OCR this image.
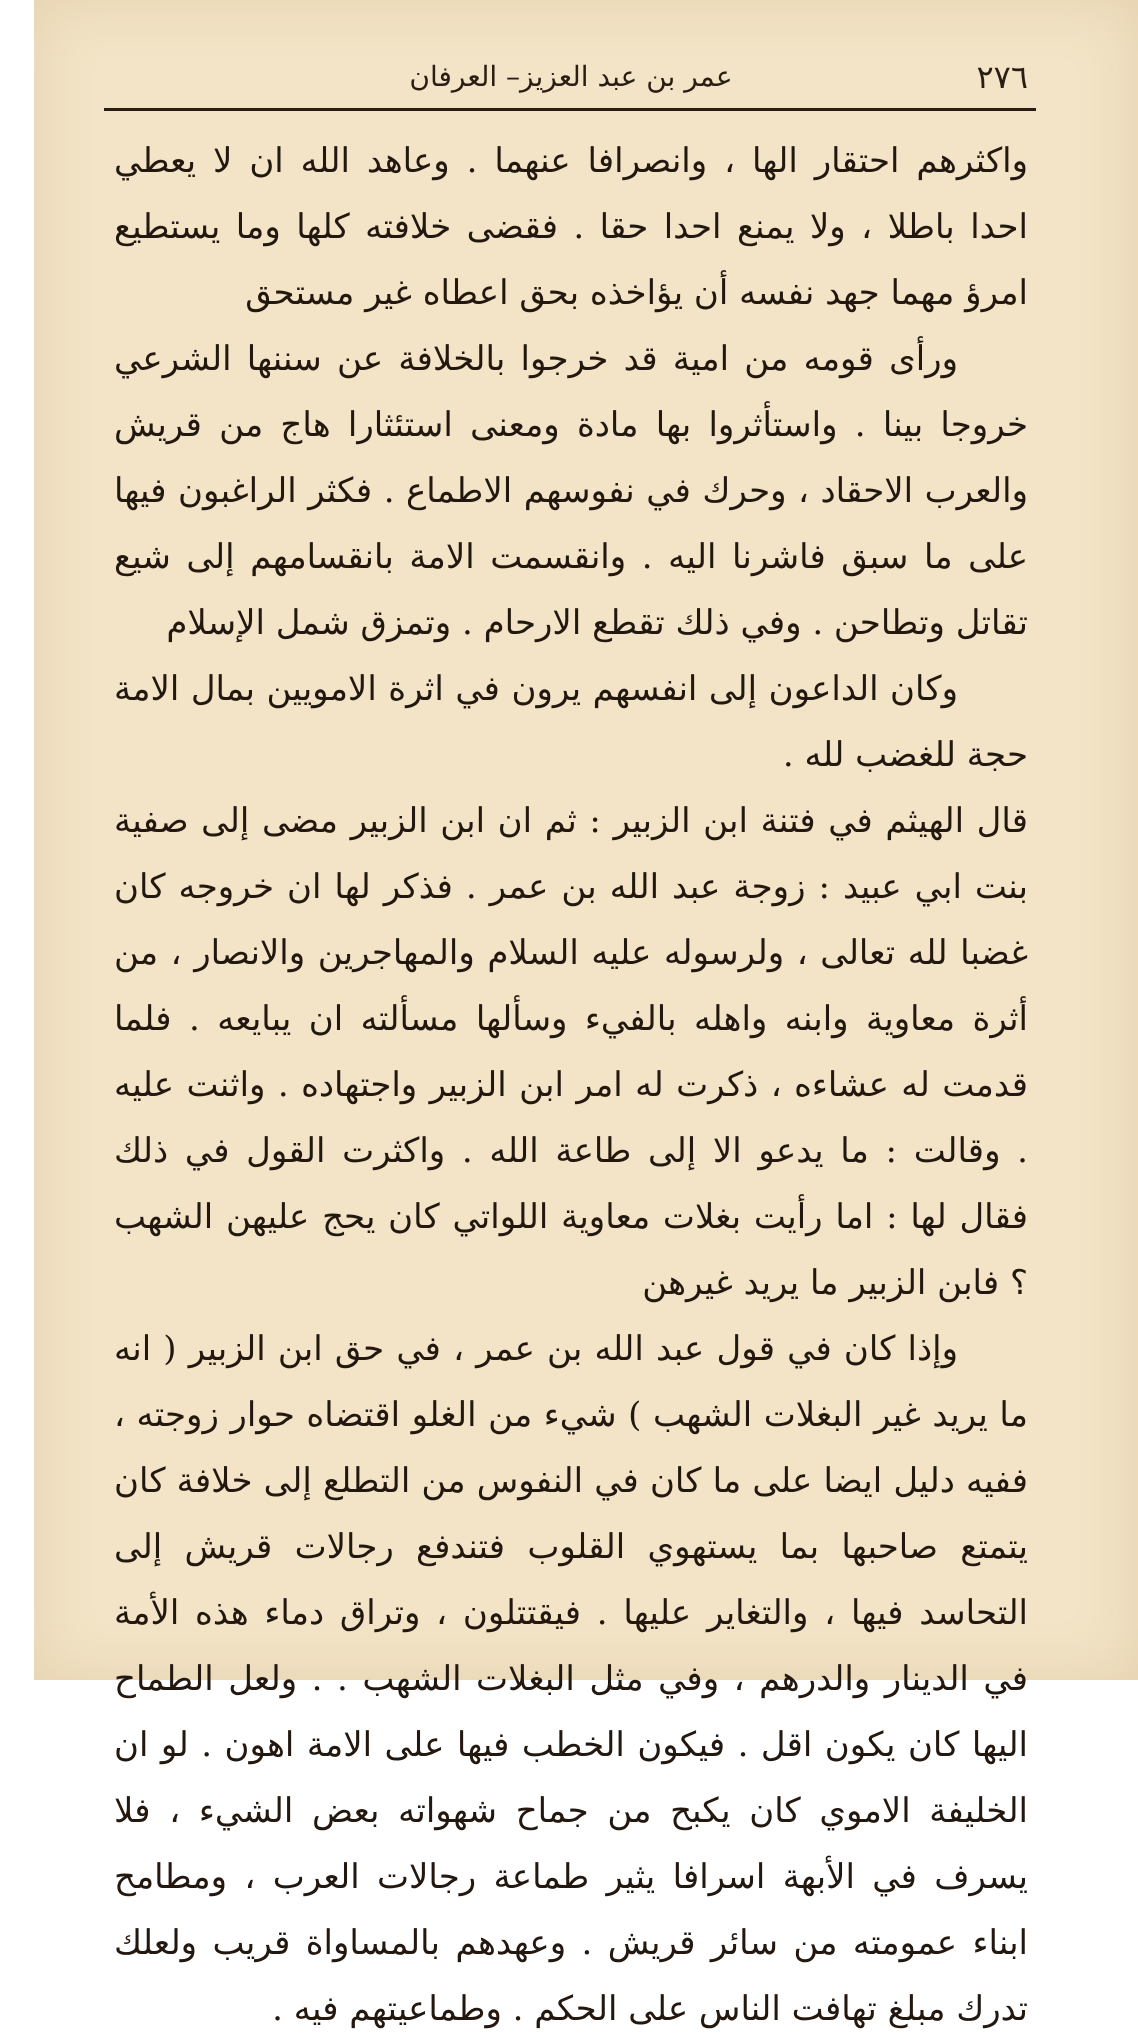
٢٧٦
عمر بن عبد العزيز– العرفان

واكثرهم احتقار الها ، وانصرافا عنهما . وعاهد الله ان لا يعطي احدا باطلا ، ولا يمنع احدا حقا . فقضى خلافته كلها وما يستطيع امرؤ مهما جهد نفسه أن يؤاخذه بحق اعطاه غير مستحق

ورأى قومه من امية قد خرجوا بالخلافة عن سننها الشرعي خروجا بينا . واستأثروا بها مادة ومعنى استئثارا هاج من قريش والعرب الاحقاد ، وحرك في نفوسهم الاطماع . فكثر الراغبون فيها على ما سبق فاشرنا اليه . وانقسمت الامة بانقسامهم إلى شيع تقاتل وتطاحن . وفي ذلك تقطع الارحام . وتمزق شمل الإسلام

وكان الداعون إلى انفسهم يرون في اثرة الامويين بمال الامة حجة للغضب لله .

قال الهيثم في فتنة ابن الزبير : ثم ان ابن الزبير مضى إلى صفية بنت ابي عبيد : زوجة عبد الله بن عمر . فذكر لها ان خروجه كان غضبا لله تعالى ، ولرسوله عليه السلام والمهاجرين والانصار ، من أثرة معاوية وابنه واهله بالفيء وسألها مسألته ان يبايعه . فلما قدمت له عشاءه ، ذكرت له امر ابن الزبير واجتهاده . واثنت عليه . وقالت : ما يدعو الا إلى طاعة الله . واكثرت القول في ذلك فقال لها : اما رأيت بغلات معاوية اللواتي كان يحج عليهن الشهب ؟ فابن الزبير ما يريد غيرهن

وإذا كان في قول عبد الله بن عمر ، في حق ابن الزبير ( انه ما يريد غير البغلات الشهب ) شيء من الغلو اقتضاه حوار زوجته ، ففيه دليل ايضا على ما كان في النفوس من التطلع إلى خلافة كان يتمتع صاحبها بما يستهوي القلوب فتندفع رجالات قريش إلى التحاسد فيها ، والتغاير عليها . فيقتتلون ، وتراق دماء هذه الأمة في الدينار والدرهم ، وفي مثل البغلات الشهب . . ولعل الطماح اليها كان يكون اقل . فيكون الخطب فيها على الامة اهون . لو ان الخليفة الاموي كان يكبح من جماح شهواته بعض الشيء ، فلا يسرف في الأبهة اسرافا يثير طماعة رجالات العرب ، ومطامح ابناء عمومته من سائر قريش . وعهدهم بالمساواة قريب ولعلك تدرك مبلغ تهافت الناس على الحكم . وطماعيتهم فيه .
